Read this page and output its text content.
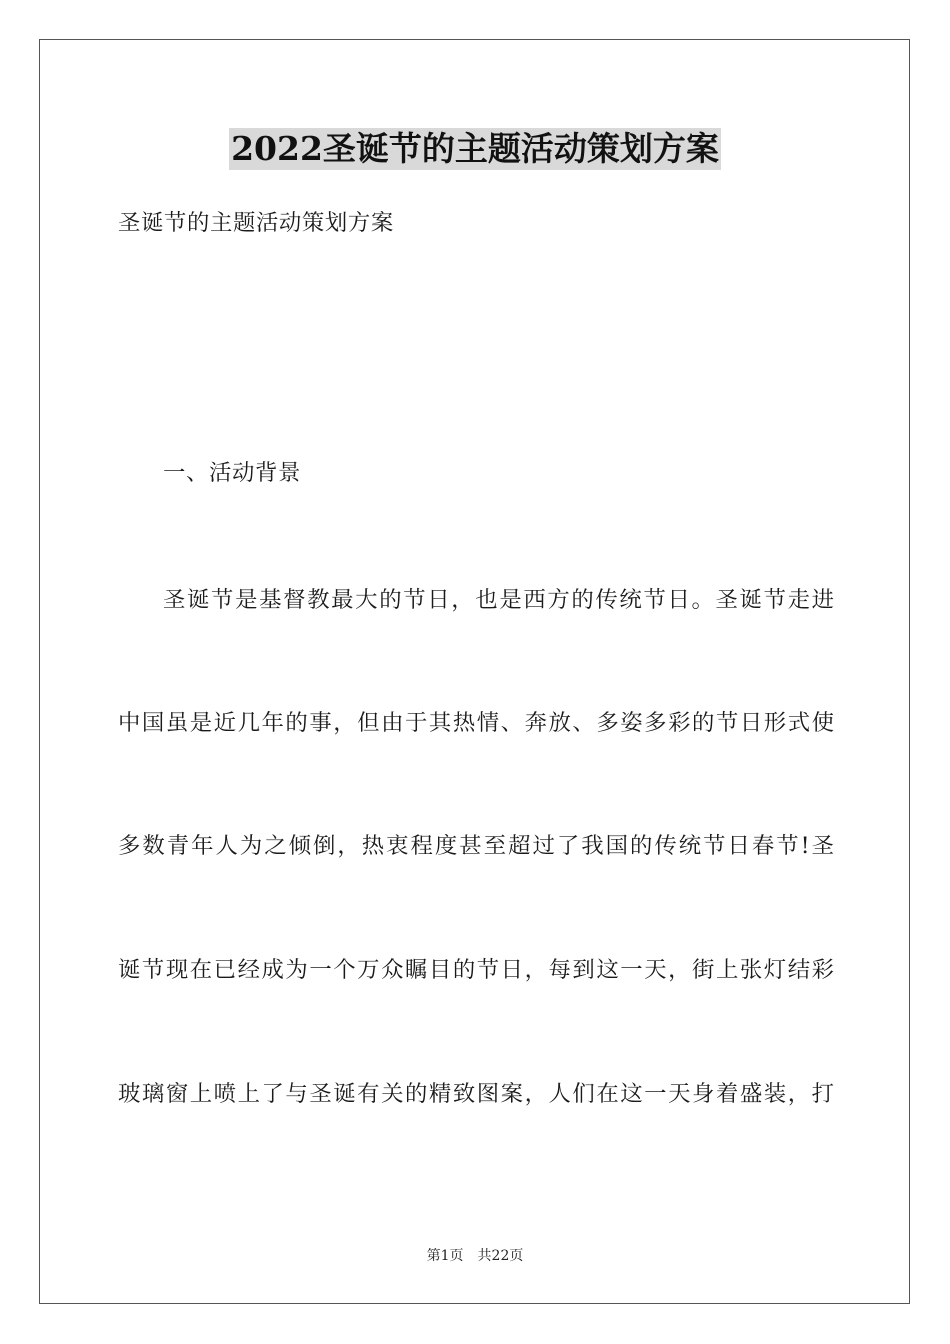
2022圣诞节的主题活动策划方案

圣诞节的主题活动策划方案

一、活动背景

圣诞节是基督教最大的节日，也是西方的传统节日。圣诞节走进

中国虽是近几年的事，但由于其热情、奔放、多姿多彩的节日形式使

多数青年人为之倾倒，热衷程度甚至超过了我国的传统节日春节!圣

诞节现在已经成为一个万众瞩目的节日，每到这一天，街上张灯结彩

玻璃窗上喷上了与圣诞有关的精致图案，人们在这一天身着盛装，打

第1页 共22页
